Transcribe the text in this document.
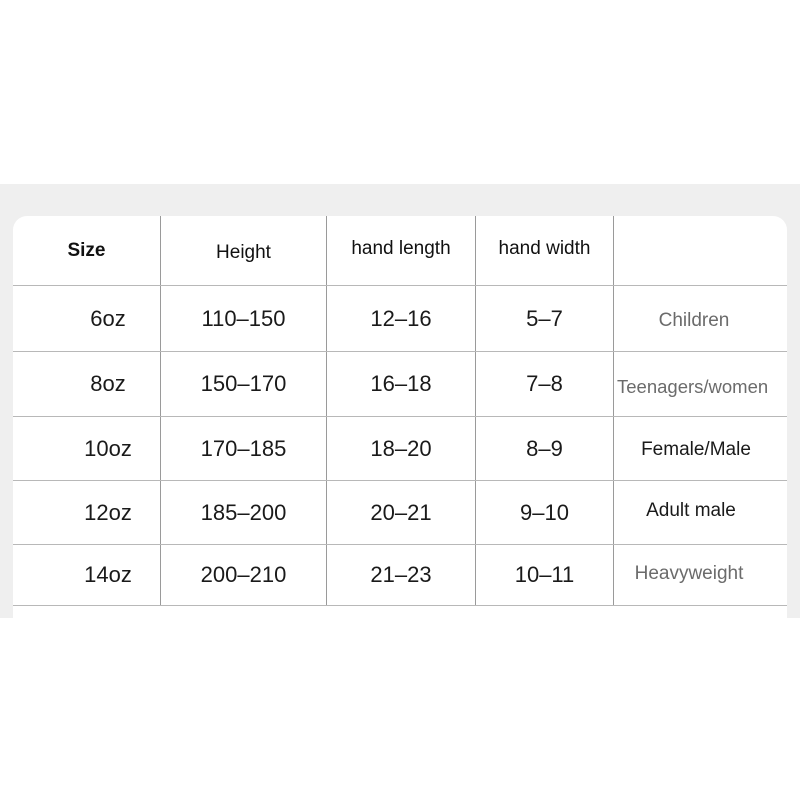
Size	Height	hand length	hand width
6oz	110–150	12–16	5–7	Children
8oz	150–170	16–18	7–8	Teenagers/women
10oz	170–185	18–20	8–9	Female/Male
12oz	185–200	20–21	9–10	Adult male
14oz	200–210	21–23	10–11	Heavyweight
